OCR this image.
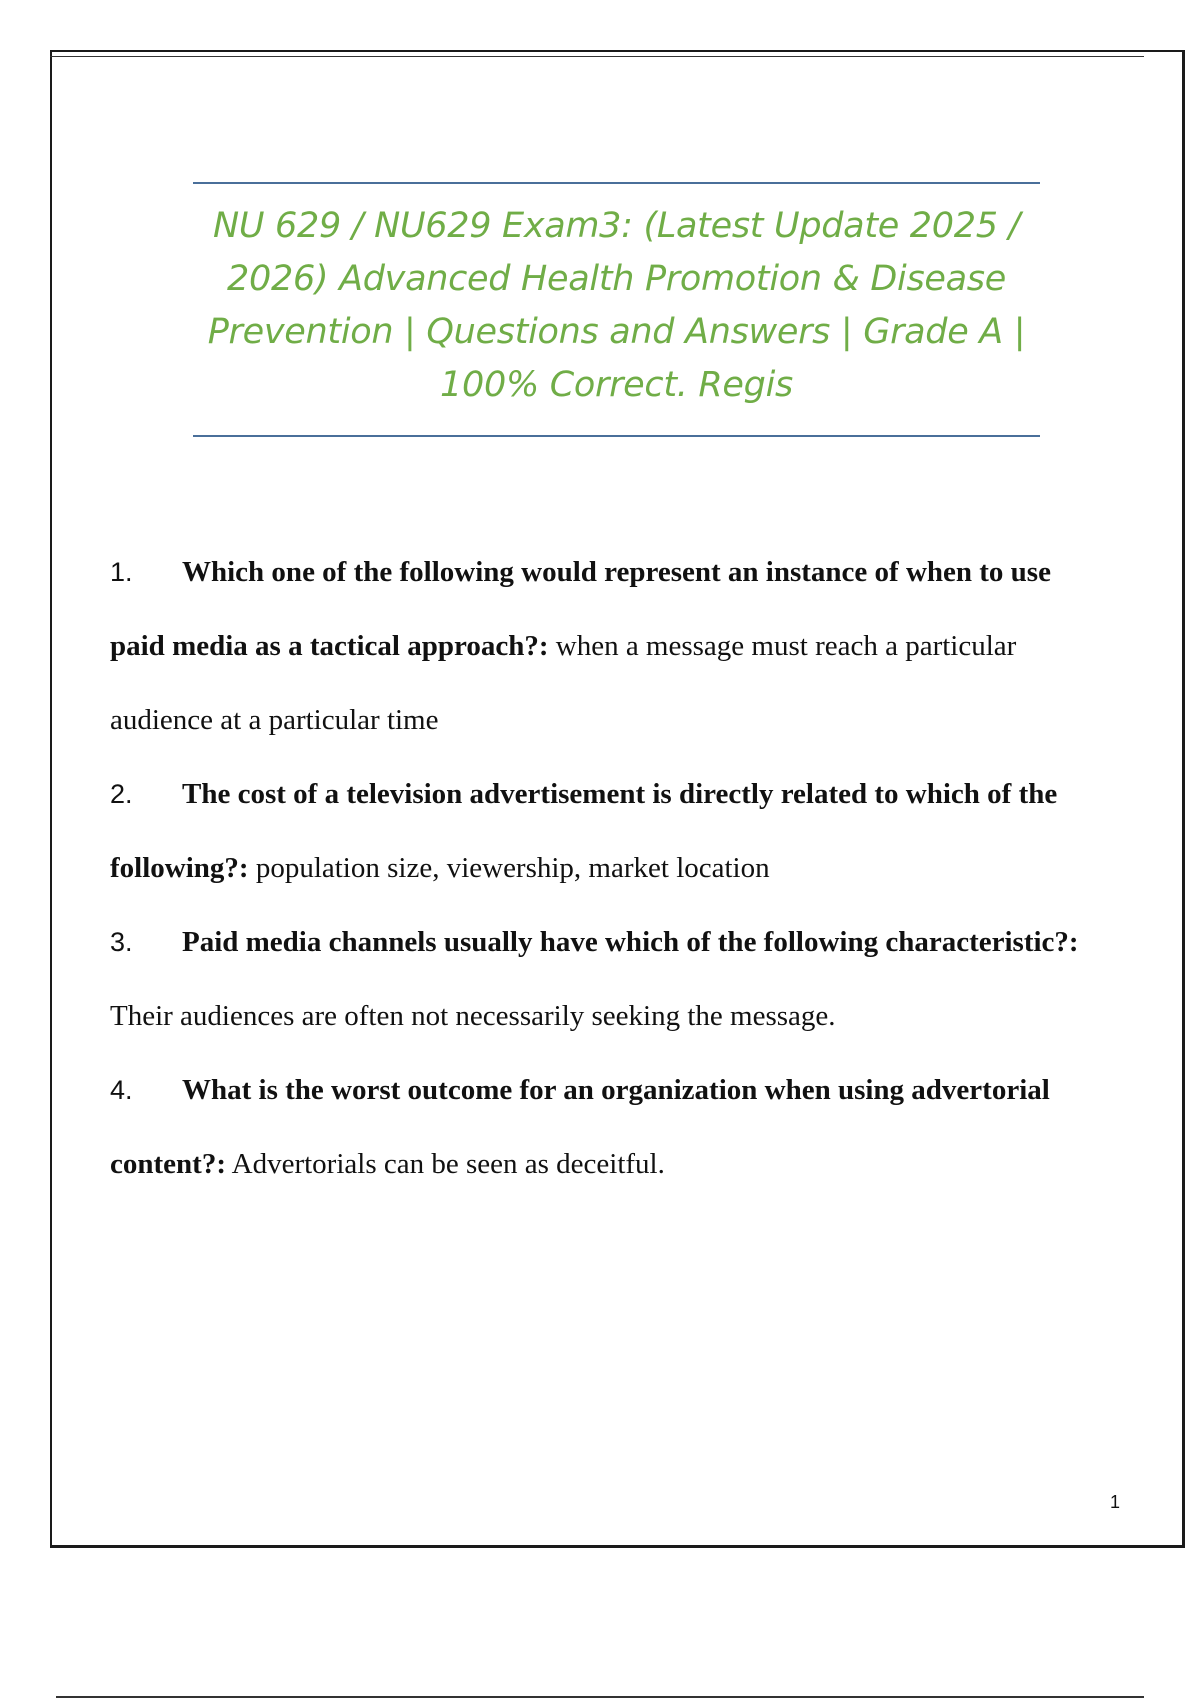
NU 629 / NU629 Exam3: (Latest Update 2025 / 2026) Advanced Health Promotion & Disease Prevention | Questions and Answers | Grade A | 100% Correct. Regis
1. Which one of the following would represent an instance of when to use paid media as a tactical approach?: when a message must reach a particular audience at a particular time
2. The cost of a television advertisement is directly related to which of the following?: population size, viewership, market location
3. Paid media channels usually have which of the following characteristic?: Their audiences are often not necessarily seeking the message.
4. What is the worst outcome for an organization when using advertorial content?: Advertorials can be seen as deceitful.
1
